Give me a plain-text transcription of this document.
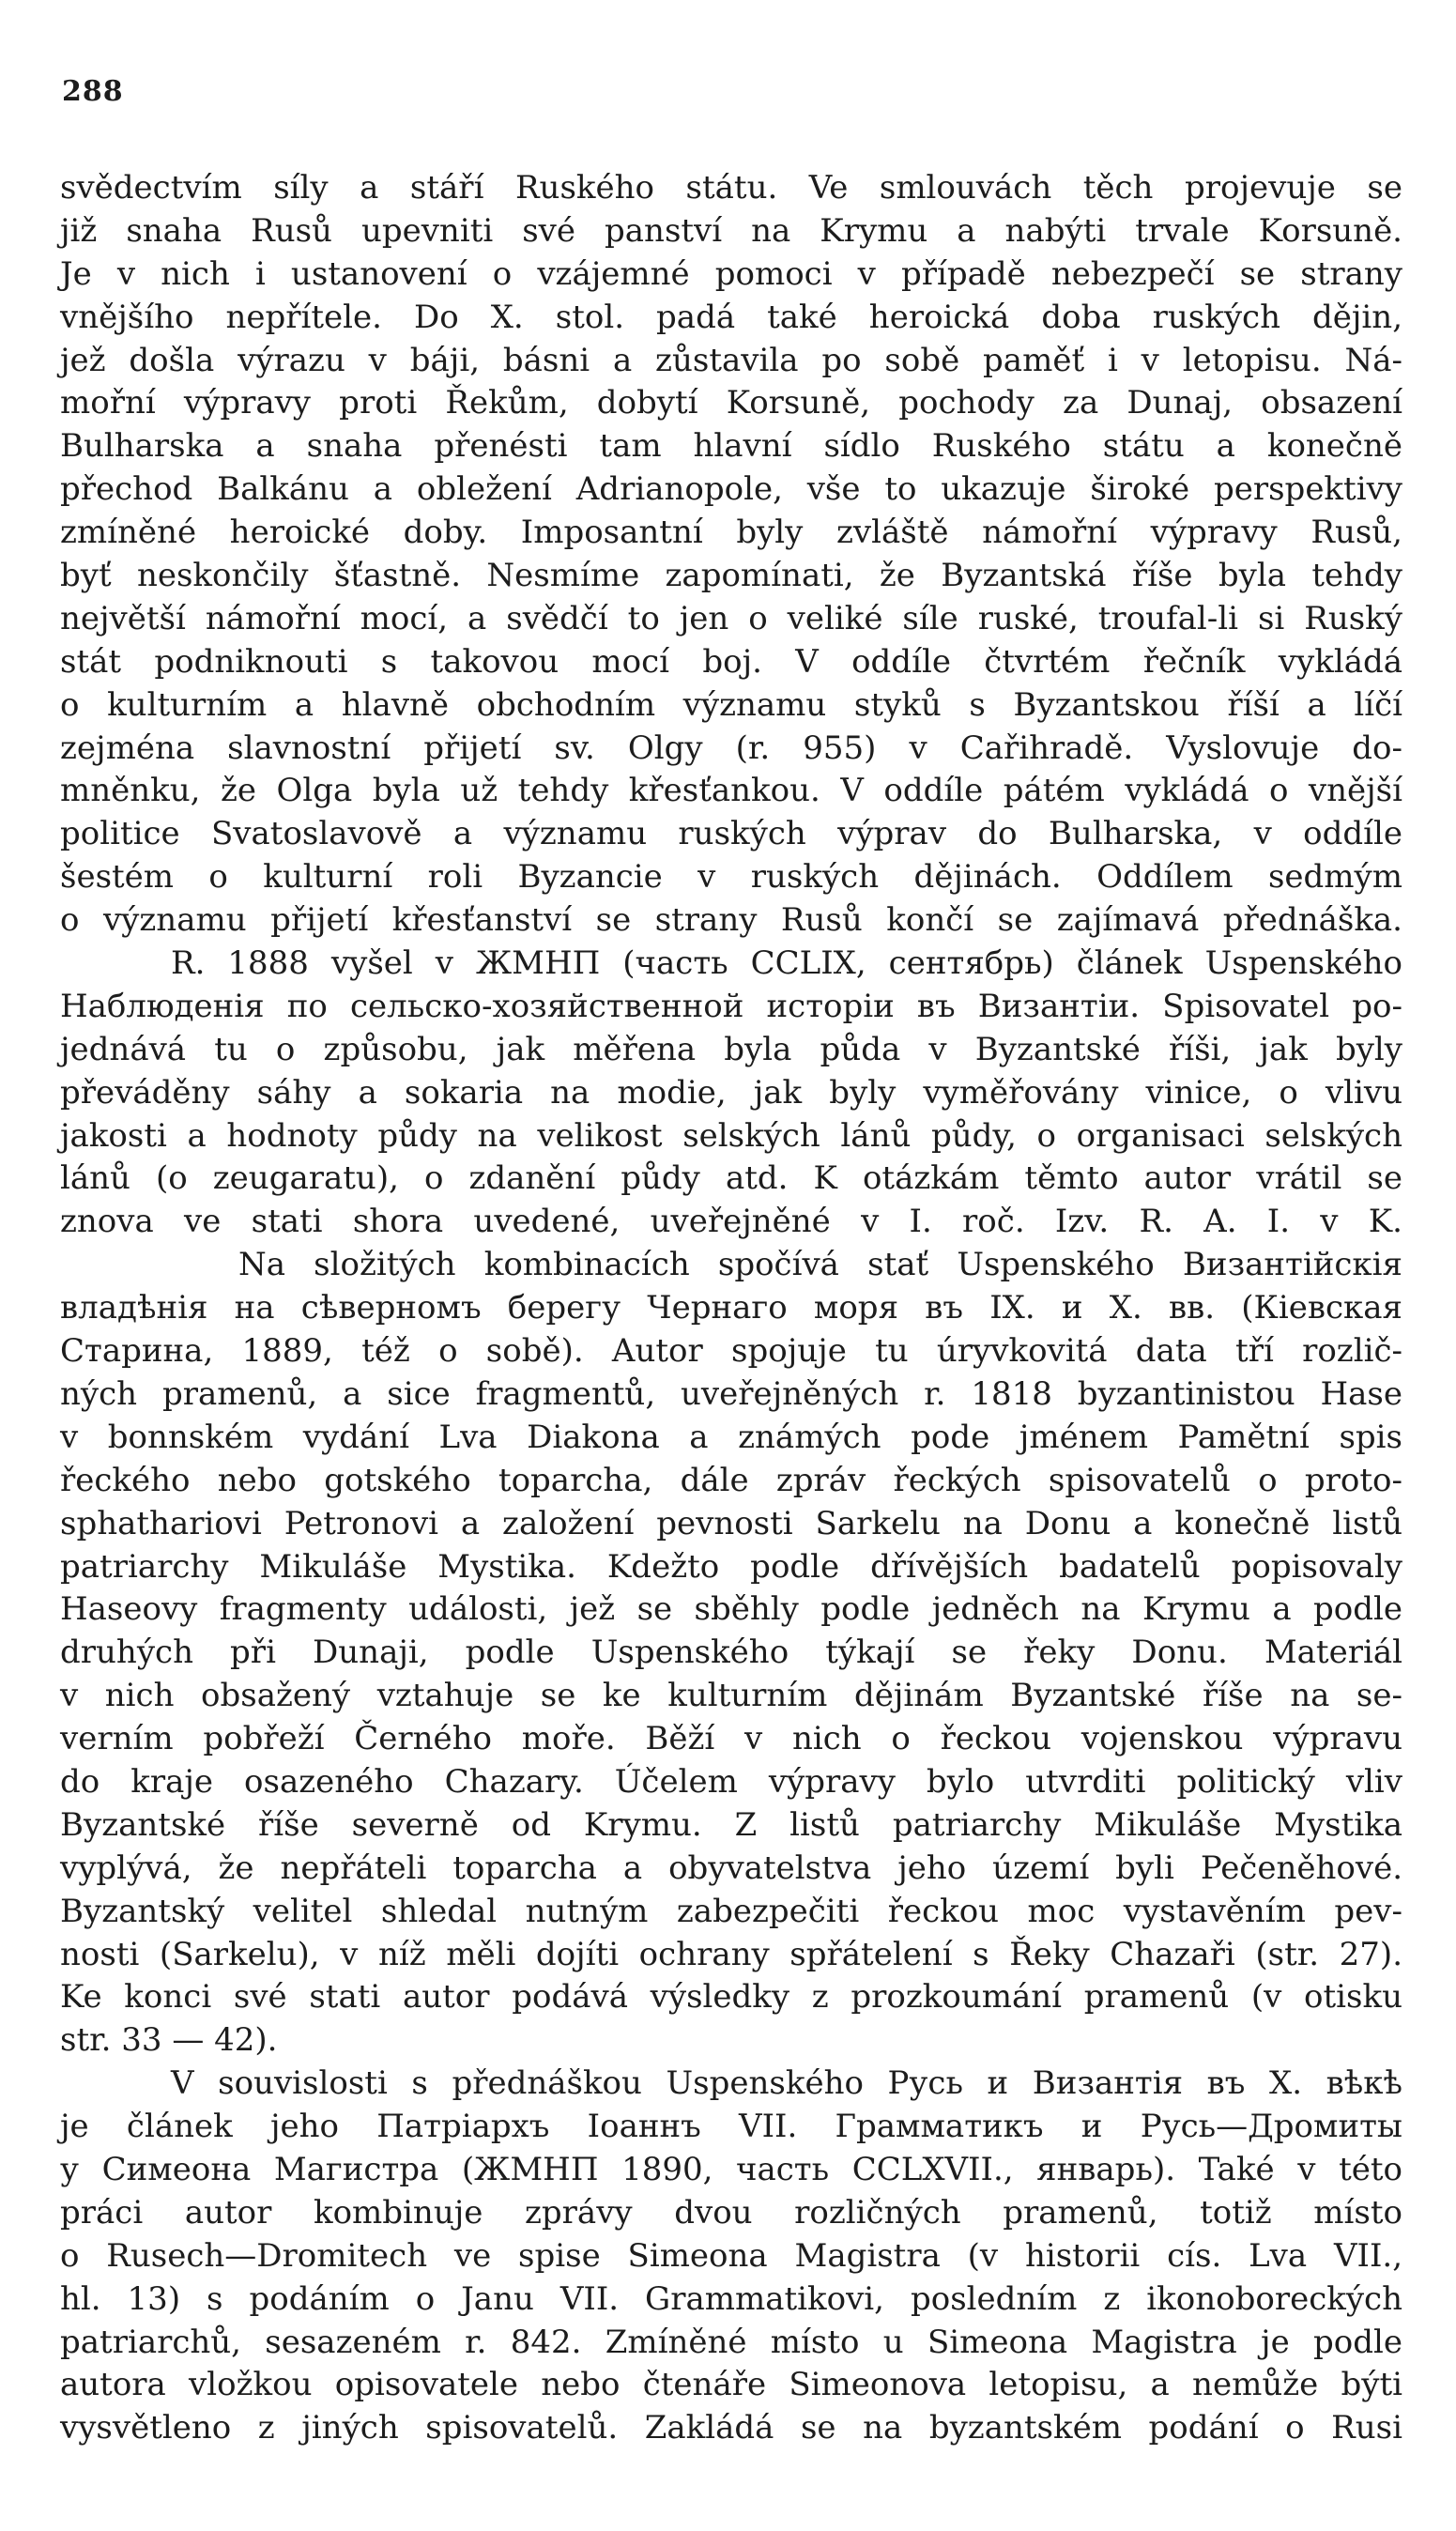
288
svědectvím síly a stáří Ruského státu. Ve smlouvách těch projevuje se
již snaha Rusů upevniti své panství na Krymu a nabýti trvale Korsuně.
Je v nich i ustanovení o vzájemné pomoci v případě nebezpečí se strany
vnějšího nepřítele. Do X. stol. padá také heroická doba ruských dějin,
jež došla výrazu v báji, básni a zůstavila po sobě paměť i v letopisu. Ná-
mořní výpravy proti Řekům, dobytí Korsuně, pochody za Dunaj, obsazení
Bulharska a snaha přenésti tam hlavní sídlo Ruského státu a konečně
přechod Balkánu a obležení Adrianopole, vše to ukazuje široké perspektivy
zmíněné heroické doby. Imposantní byly zvláště námořní výpravy Rusů,
byť neskončily šťastně. Nesmíme zapomínati, že Byzantská říše byla tehdy
největší námořní mocí, a svědčí to jen o veliké síle ruské, troufal-li si Ruský
stát podniknouti s takovou mocí boj. V oddíle čtvrtém řečník vykládá
o kulturním a hlavně obchodním významu styků s Byzantskou říší a líčí
zejména slavnostní přijetí sv. Olgy (r. 955) v Cařihradě. Vyslovuje do-
mněnku, že Olga byla už tehdy křesťankou. V oddíle pátém vykládá o vnější
politice Svatoslavově a významu ruských výprav do Bulharska, v oddíle
šestém o kulturní roli Byzancie v ruských dějinách. Oddílem sedmým
o významu přijetí křesťanství se strany Rusů končí se zajímavá přednáška.
R. 1888 vyšel v ЖМНП (часть CCLIX, сентябрь) článek Uspenského
Наблюденія по сельско-хозяйственной исторіи въ Византіи. Spisovatel po-
jednává tu o způsobu, jak měřena byla půda v Byzantské říši, jak byly
převáděny sáhy a sokaria na modie, jak byly vyměřovány vinice, o vlivu
jakosti a hodnoty půdy na velikost selských lánů půdy, o organisaci selských
lánů (o zeugaratu), o zdanění půdy atd. K otázkám těmto autor vrátil se
znova ve stati shora uvedené, uveřejněné v I. roč. Izv. R. A. I. v K.
Na složitých kombinacích spočívá stať Uspenského Византійскія
владѣнія на сѣверномъ берегу Чернаго моря въ IX. и X. вв. (Кіевская
Старина, 1889, též o sobě). Autor spojuje tu úryvkovitá data tří rozlič-
ných pramenů, a sice fragmentů, uveřejněných r. 1818 byzantinistou Hase
v bonnském vydání Lva Diakona a známých pode jménem Pamětní spis
řeckého nebo gotského toparcha, dále zpráv řeckých spisovatelů o proto-
sphathariovi Petronovi a založení pevnosti Sarkelu na Donu a konečně listů
patriarchy Mikuláše Mystika. Kdežto podle dřívějších badatelů popisovaly
Haseovy fragmenty události, jež se sběhly podle jedněch na Krymu a podle
druhých při Dunaji, podle Uspenského týkají se řeky Donu. Materiál
v nich obsažený vztahuje se ke kulturním dějinám Byzantské říše na se-
verním pobřeží Černého moře. Běží v nich o řeckou vojenskou výpravu
do kraje osazeného Chazary. Účelem výpravy bylo utvrditi politický vliv
Byzantské říše severně od Krymu. Z listů patriarchy Mikuláše Mystika
vyplývá, že nepřáteli toparcha a obyvatelstva jeho území byli Pečeněhové.
Byzantský velitel shledal nutným zabezpečiti řeckou moc vystavěním pev-
nosti (Sarkelu), v níž měli dojíti ochrany spřátelení s Řeky Chazaři (str. 27).
Ke konci své stati autor podává výsledky z prozkoumání pramenů (v otisku
str. 33 — 42).
V souvislosti s přednáškou Uspenského Русь и Византія въ X. вѣкѣ
je článek jeho Патріархъ Іоаннъ VII. Грамматикъ и Русь—Дромиты
у Симеона Магистра (ЖМНП 1890, часть CCLXVII., январь). Také v této
práci autor kombinuje zprávy dvou rozličných pramenů, totiž místo
o Rusech—Dromitech ve spise Simeona Magistra (v historii cís. Lva VII.,
hl. 13) s podáním o Janu VII. Grammatikovi, posledním z ikonoboreckých
patriarchů, sesazeném r. 842. Zmíněné místo u Simeona Magistra je podle
autora vložkou opisovatele nebo čtenáře Simeonova letopisu, a nemůže býti
vysvětleno z jiných spisovatelů. Zakládá se na byzantském podání o Rusi
